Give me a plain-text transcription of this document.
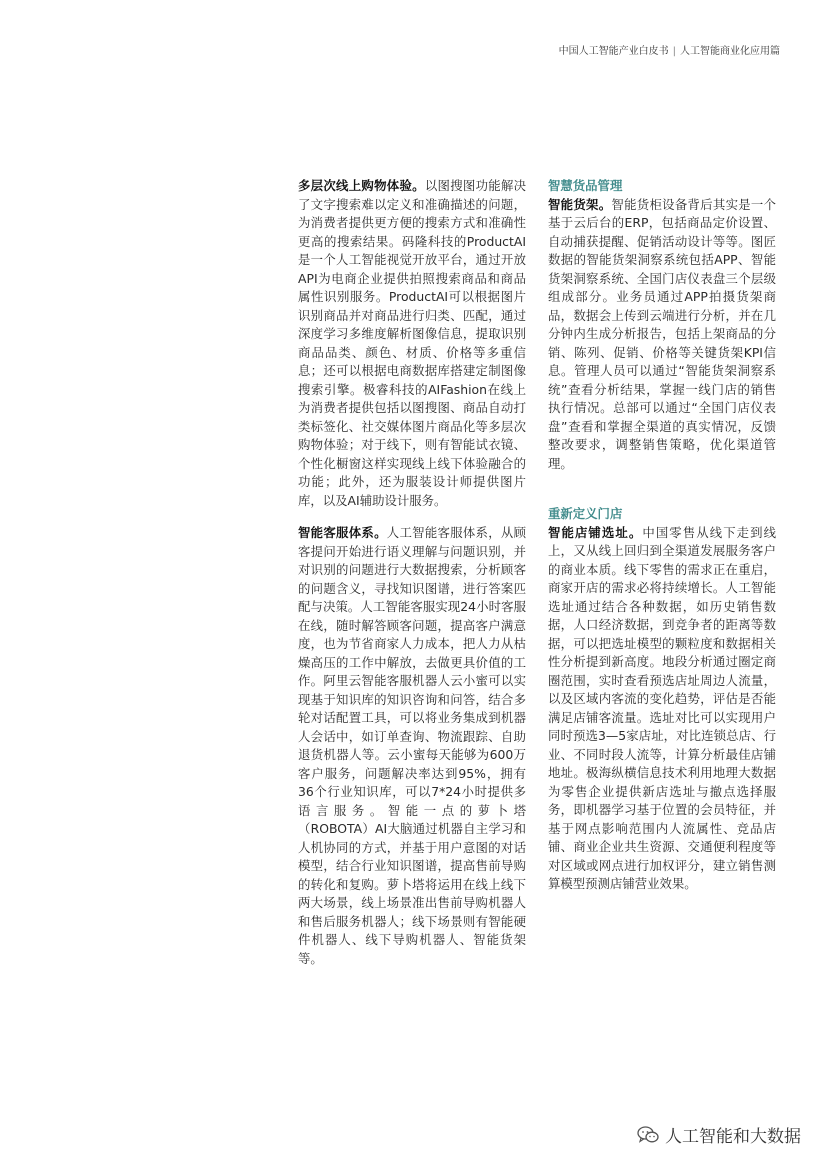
中国人工智能产业白皮书 | 人工智能商业化应用篇

多层次线上购物体验。以图搜图功能解决了文字搜索难以定义和准确描述的问题，为消费者提供更方便的搜索方式和准确性更高的搜索结果。码隆科技的ProductAI是一个人工智能视觉开放平台，通过开放API为电商企业提供拍照搜索商品和商品属性识别服务。ProductAI可以根据图片识别商品并对商品进行归类、匹配，通过深度学习多维度解析图像信息，提取识别商品品类、颜色、材质、价格等多重信息；还可以根据电商数据库搭建定制图像搜索引擎。极睿科技的AIFashion在线上为消费者提供包括以图搜图、商品自动打类标签化、社交媒体图片商品化等多层次购物体验；对于线下，则有智能试衣镜、个性化橱窗这样实现线上线下体验融合的功能；此外，还为服装设计师提供图片库，以及AI辅助设计服务。

智能客服体系。人工智能客服体系，从顾客提问开始进行语义理解与问题识别，并对识别的问题进行大数据搜索，分析顾客的问题含义，寻找知识图谱，进行答案匹配与决策。人工智能客服实现24小时客服在线，随时解答顾客问题，提高客户满意度，也为节省商家人力成本，把人力从枯燥高压的工作中解放，去做更具价值的工作。阿里云智能客服机器人云小蜜可以实现基于知识库的知识咨询和问答，结合多轮对话配置工具，可以将业务集成到机器人会话中，如订单查询、物流跟踪、自助退货机器人等。云小蜜每天能够为600万客户服务，问题解决率达到95%，拥有36个行业知识库，可以7*24小时提供多语言服务。智能一点的萝卜塔（ROBOTA）AI大脑通过机器自主学习和人机协同的方式，并基于用户意图的对话模型，结合行业知识图谱，提高售前导购的转化和复购。萝卜塔将运用在线上线下两大场景，线上场景准出售前导购机器人和售后服务机器人；线下场景则有智能硬件机器人、线下导购机器人、智能货架等。

智慧货品管理

智能货架。智能货柜设备背后其实是一个基于云后台的ERP，包括商品定价设置、自动捕获提醒、促销活动设计等等。图匠数据的智能货架洞察系统包括APP、智能货架洞察系统、全国门店仪表盘三个层级组成部分。业务员通过APP拍摄货架商品，数据会上传到云端进行分析，并在几分钟内生成分析报告，包括上架商品的分销、陈列、促销、价格等关键货架KPI信息。管理人员可以通过“智能货架洞察系统”查看分析结果，掌握一线门店的销售执行情况。总部可以通过“全国门店仪表盘”查看和掌握全渠道的真实情况，反馈整改要求，调整销售策略，优化渠道管理。

重新定义门店

智能店铺选址。中国零售从线下走到线上，又从线上回归到全渠道发展服务客户的商业本质。线下零售的需求正在重启，商家开店的需求必将持续增长。人工智能选址通过结合各种数据，如历史销售数据，人口经济数据，到竞争者的距离等数据，可以把选址模型的颗粒度和数据相关性分析提到新高度。地段分析通过圈定商圈范围，实时查看预选店址周边人流量，以及区域内客流的变化趋势，评估是否能满足店铺客流量。选址对比可以实现用户同时预选3—5家店址，对比连锁总店、行业、不同时段人流等，计算分析最佳店铺地址。极海纵横信息技术利用地理大数据为零售企业提供新店选址与撤点选择服务，即机器学习基于位置的会员特征，并基于网点影响范围内人流属性、竞品店铺、商业企业共生资源、交通便利程度等对区域或网点进行加权评分，建立销售测算模型预测店铺营业效果。

人工智能和大数据
